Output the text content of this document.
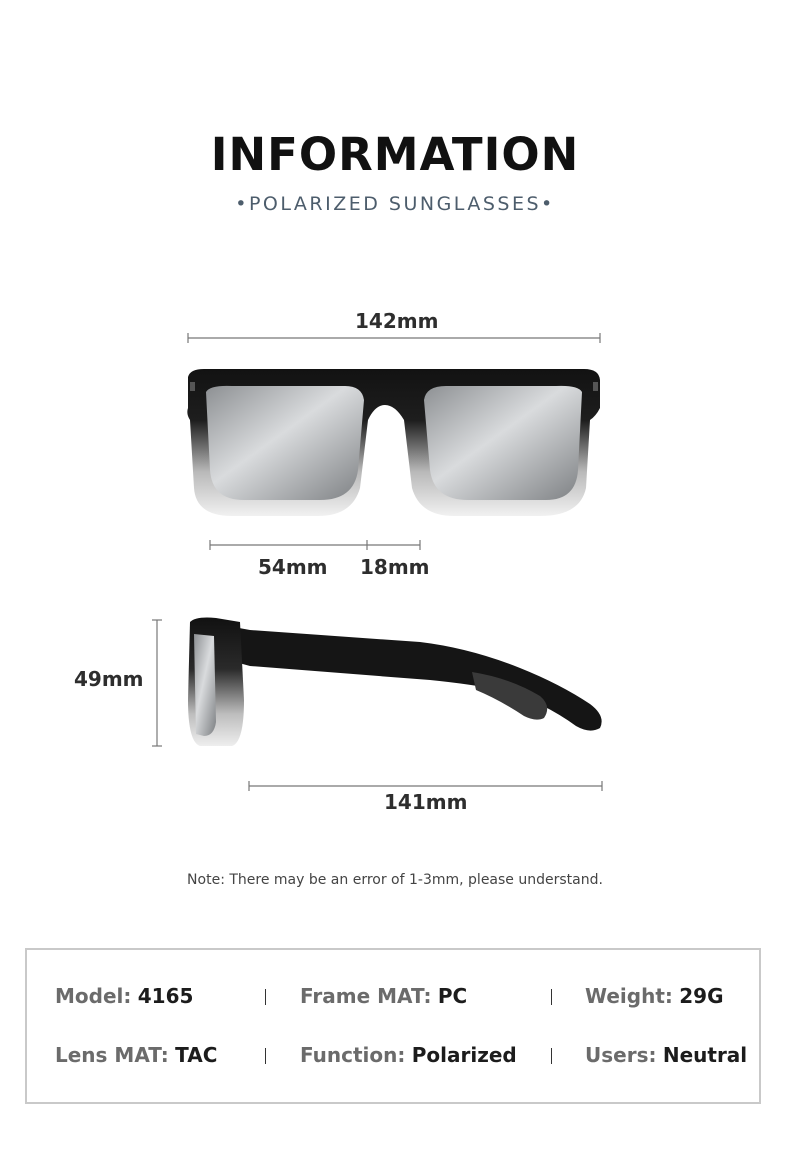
INFORMATION
•POLARIZED SUNGLASSES•
142mm
54mm 18mm
49mm
141mm
Note: There may be an error of 1-3mm, please understand.
Model: 4165	Frame MAT: PC	Weight: 29G
Lens MAT: TAC	Function: Polarized	Users: Neutral
